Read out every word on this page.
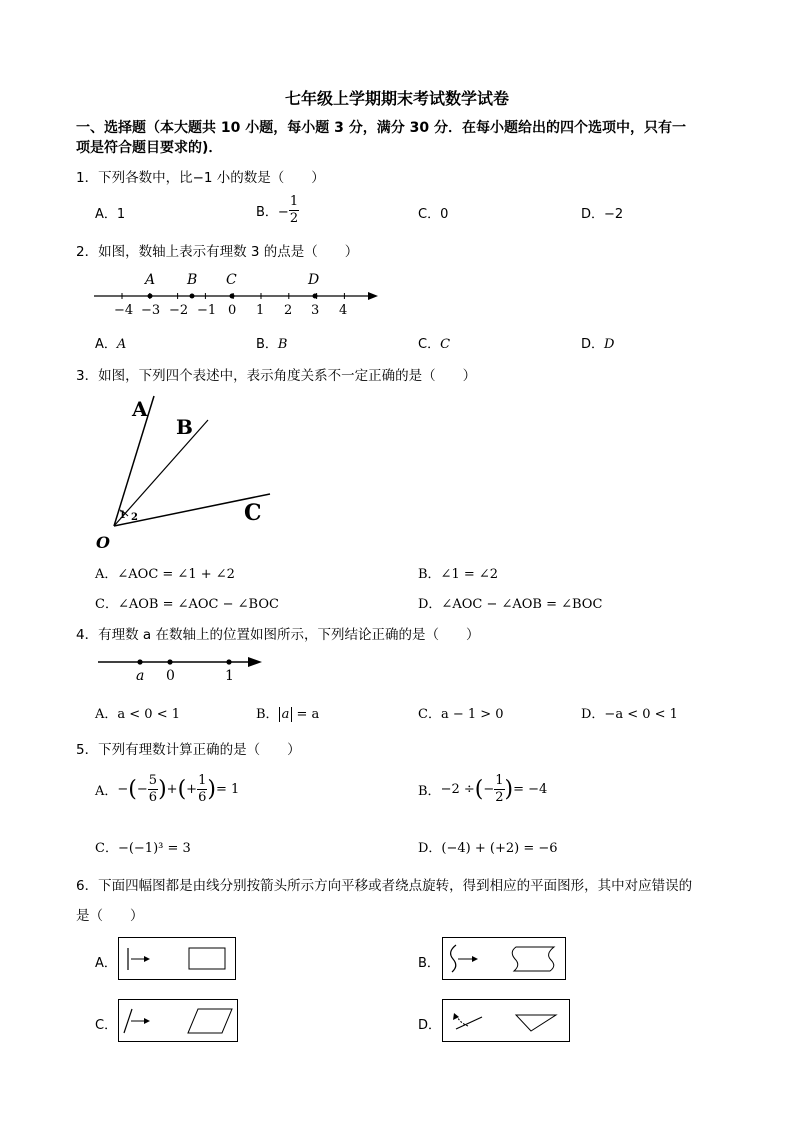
七年级上学期期末考试数学试卷
一、选择题（本大题共 10 小题，每小题 3 分，满分 30 分．在每小题给出的四个选项中，只有一
项是符合题目要求的)．
1．下列各数中，比−1 小的数是（　　）
A．1	B．− $\frac{1}{2}$	C．0	D．−2
2．如图，数轴上表示有理数 3 的点是（　　）
A B C	D
−4 −3 −2 −1 0 1 2 3 4
A．A	B．B	C．C	D．D
3．如图，下列四个表述中，表示角度关系不一定正确的是（　　）
A
B
C
O
1 2
A．∠AOC = ∠1 + ∠2	B．∠1 = ∠2
C．∠AOB = ∠AOC − ∠BOC	D．∠AOC − ∠AOB = ∠BOC
4．有理数 a 在数轴上的位置如图所示，下列结论正确的是（　　）
a 0	1
A．a < 0 < 1	B． a = a	C．a − 1 > 0	D．−a < 0 < 1
5．下列有理数计算正确的是（　　）
A．−(− $\frac{5}{6}$ )+(+ $\frac{1}{6}$ )= 1	B．−2 ÷(− $\frac{1}{2}$ )= −4
C．−(−1)³ = 3	D．(−4) + (+2) = −6
6．下面四幅图都是由线分别按箭头所示方向平移或者绕点旋转，得到相应的平面图形，其中对应错误的
是（　　）
A．	B．
C．	D．
